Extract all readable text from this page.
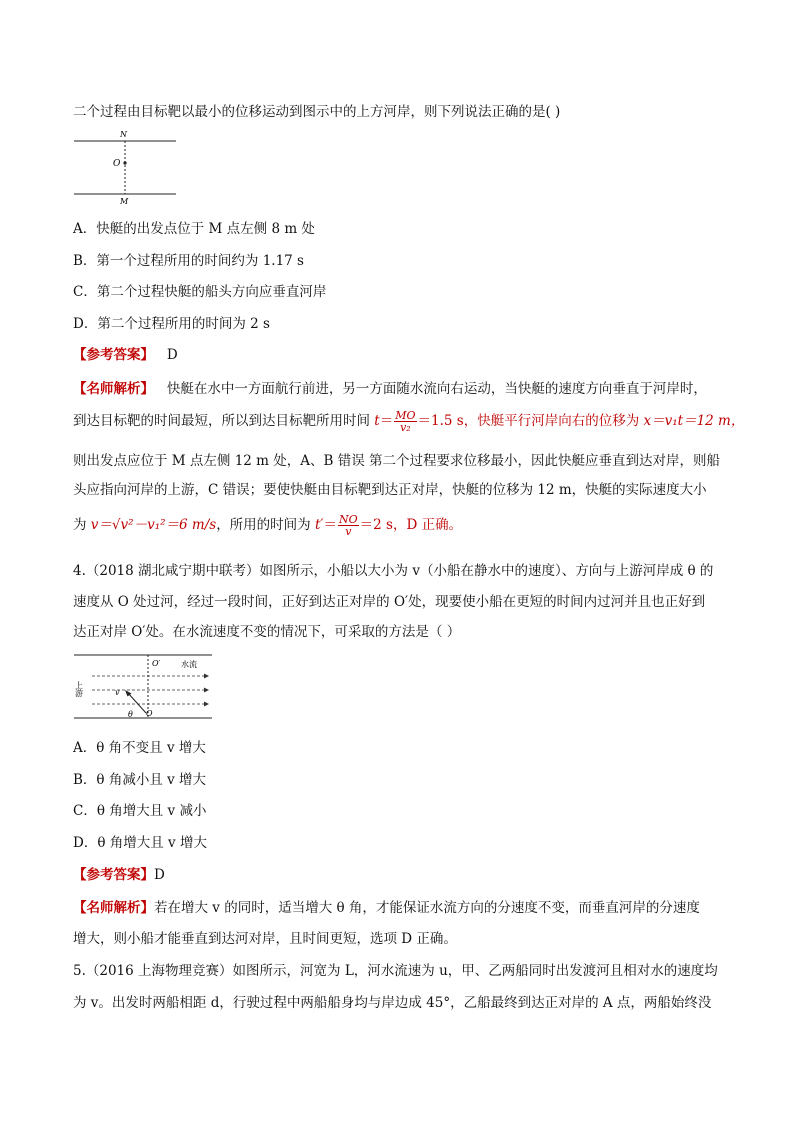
二个过程由目标靶以最小的位移运动到图示中的上方河岸，则下列说法正确的是( )
N
O
M
A．快艇的出发点位于 M 点左侧 8 m 处
B．第一个过程所用的时间约为 1.17 s
C．第二个过程快艇的船头方向应垂直河岸
D．第二个过程所用的时间为 2 s
【参考答案】 D
【名师解析】 快艇在水中一方面航行前进，另一方面随水流向右运动，当快艇的速度方向垂直于河岸时，
到达目标靶的时间最短，所以到达目标靶所用时间 $t= \frac{MO}{\text{v₂}} =1.5$ s，快艇平行河岸向右的位移为 x＝v₁t＝12 m，
则出发点应位于 M 点左侧 12 m 处，A、B 错误 第二个过程要求位移最小，因此快艇应垂直到达对岸，则船
头应指向河岸的上游，C 错误；要使快艇由目标靶到达正对岸，快艇的位移为 12 m，快艇的实际速度大小
为 v＝√v²－v₁²＝6 m/s，所用的时间为 $t'= \frac{NO}{v} =2$ s，D 正确。
4.（2018 湖北咸宁期中联考）如图所示，小船以大小为 v（小船在静水中的速度）、方向与上游河岸成 θ 的
速度从 O 处过河，经过一段时间，正好到达正对岸的 O′处，现要使小船在更短的时间内过河并且也正好到
达正对岸 O′处。在水流速度不变的情况下，可采取的方法是（ ）
O′	水流
上游	v
θ O
A．θ 角不变且 v 增大
B．θ 角减小且 v 增大
C．θ 角增大且 v 减小
D．θ 角增大且 v 增大
【参考答案】D
【名师解析】若在增大 v 的同时，适当增大 θ 角，才能保证水流方向的分速度不变，而垂直河岸的分速度
增大，则小船才能垂直到达河对岸，且时间更短，选项 D 正确。
5.（2016 上海物理竞赛）如图所示，河宽为 L，河水流速为 u，甲、乙两船同时出发渡河且相对水的速度均
为 v。出发时两船相距 d，行驶过程中两船船身均与岸边成 45°，乙船最终到达正对岸的 A 点，两船始终没
